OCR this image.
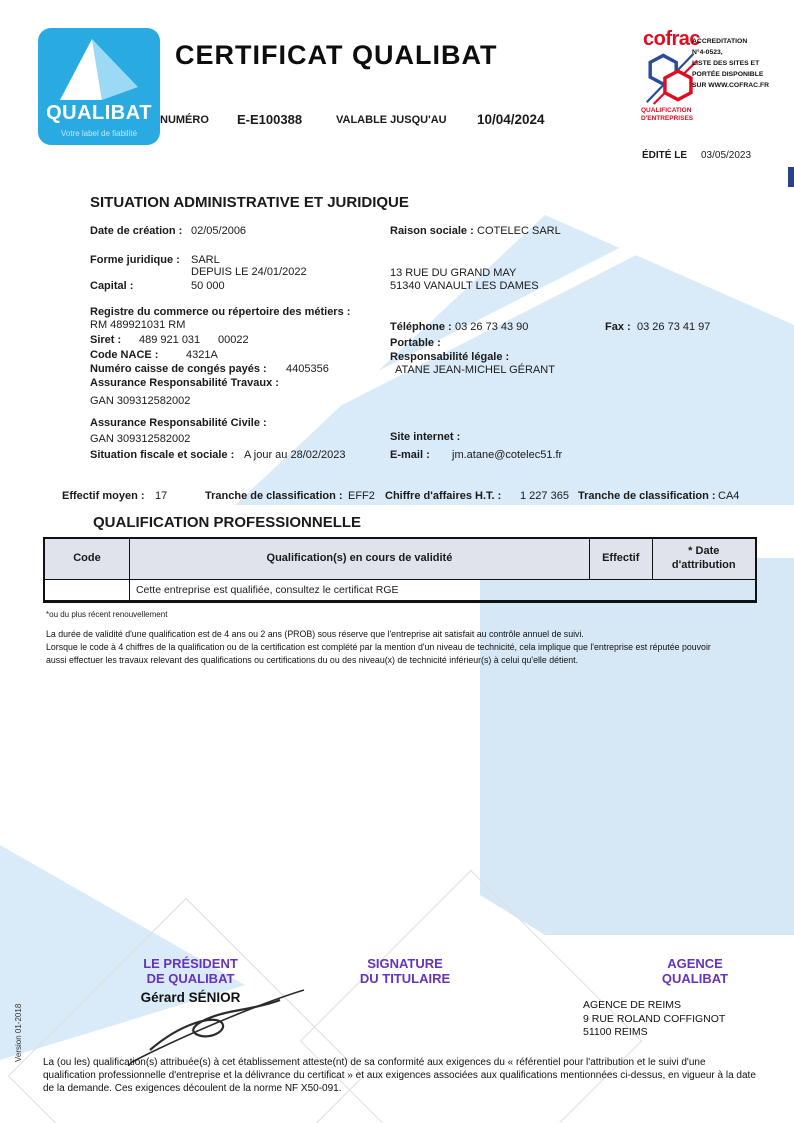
QUALIBAT
Votre label de fiabilité
CERTIFICAT QUALIBAT
NUMÉRO E-E100388	VALABLE JUSQU'AU 10/04/2024
cofrac
QUALIFICATION
D'ENTREPRISES
ACCREDITATION
N°4-0523,
LISTE DES SITES ET
PORTÉE DISPONIBLE
SUR WWW.COFRAC.FR
ÉDITÉ LE 03/05/2023
SITUATION ADMINISTRATIVE ET JURIDIQUE
Date de création : 02/05/2006
Forme juridique : SARL
DEPUIS LE 24/01/2022
Capital :	50 000
Registre du commerce ou répertoire des métiers :
RM 489921031 RM
Siret : 489 921 031 00022
Code NACE :	4321A
Numéro caisse de congés payés : 4405356
Assurance Responsabilité Travaux :
GAN 309312582002
Assurance Responsabilité Civile :
GAN 309312582002
Situation fiscale et sociale : A jour au 28/02/2023
Raison sociale : COTELEC SARL
13 RUE DU GRAND MAY
51340 VANAULT LES DAMES
Téléphone : 03 26 73 43 90	Fax : 03 26 73 41 97
Portable :
Responsabilité légale :
ATANE JEAN-MICHEL GÉRANT
Site internet :
E-mail : jm.atane@cotelec51.fr
Effectif moyen : 17	Tranche de classification : EFF2 Chiffre d'affaires H.T. : 1 227 365 Tranche de classification : CA4
QUALIFICATION PROFESSIONNELLE
Code	Qualification(s) en cours de validité	Effectif	* Date
d'attribution

	Cette entreprise est qualifiée, consultez le certificat RGE		
*ou du plus récent renouvellement
La durée de validité d'une qualification est de 4 ans ou 2 ans (PROB) sous réserve que l'entreprise ait satisfait au contrôle annuel de suivi.
Lorsque le code à 4 chiffres de la qualification ou de la certification est complété par la mention d'un niveau de technicité, cela implique que l'entreprise est réputée pouvoir
aussi effectuer les travaux relevant des qualifications ou certifications du ou des niveau(x) de technicité inférieur(s) à celui qu'elle détient.
LE PRÉSIDENT
DE QUALIBAT
Gérard SÉNIOR
SIGNATURE
DU TITULAIRE
AGENCE
QUALIBAT
AGENCE DE REIMS
9 RUE ROLAND COFFIGNOT
51100 REIMS
Version 01-2018
La (ou les) qualification(s) attribuée(s) à cet établissement atteste(nt) de sa conformité aux exigences du « référentiel pour l'attribution et le suivi d'une qualification professionnelle d'entreprise et la délivrance du certificat » et aux exigences associées aux qualifications mentionnées ci-dessus, en vigueur à la date de la demande. Ces exigences découlent de la norme NF X50-091.
